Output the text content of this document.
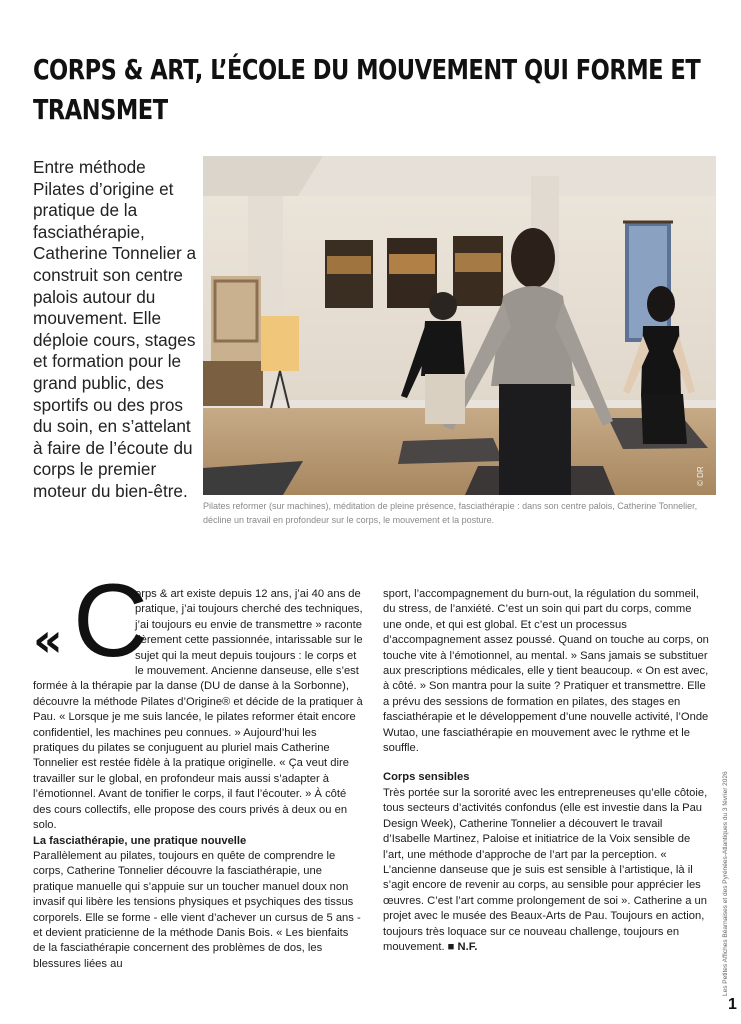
CORPS & ART, L’ÉCOLE DU MOUVEMENT QUI FORME ET TRANSMET

Entre méthode Pilates d’origine et pratique de la fasciathérapie, Catherine Tonnelier a construit son centre palois autour du mouvement. Elle déploie cours, stages et formation pour le grand public, des sportifs ou des pros du soin, en s’attelant à faire de l’écoute du corps le premier moteur du bien-être.

© DR

Pilates reformer (sur machines), méditation de pleine présence, fasciathérapie : dans son centre palois, Catherine Tonnelier, décline un travail en profondeur sur le corps, le mouvement et la posture.

« C

orps & art existe depuis 12 ans, j’ai 40 ans de pratique, j’ai toujours cherché des techniques, j’ai toujours eu envie de transmettre » raconte fièrement cette passionnée, intarissable sur le sujet qui la meut depuis toujours : le corps et le mouvement. Ancienne danseuse, elle s’est formée à la thérapie par la danse (DU de danse à la Sorbonne), découvre la méthode Pilates d’Origine® et décide de la pratiquer à Pau. « Lorsque je me suis lancée, le pilates reformer était encore confidentiel, les machines peu connues. » Aujourd’hui les pratiques du pilates se conjuguent au pluriel mais Catherine Tonnelier est restée fidèle à la pratique originelle. « Ça veut dire travailler sur le global, en profondeur mais aussi s’adapter à l’émotionnel. Avant de tonifier le corps, il faut l’écouter. » À côté des cours collectifs, elle propose des cours privés à deux ou en solo.

La fasciathérapie, une pratique nouvelle

Parallèlement au pilates, toujours en quête de comprendre le corps, Catherine Tonnelier découvre la fasciathérapie, une pratique manuelle qui s’appuie sur un toucher manuel doux non invasif qui libère les tensions physiques et psychiques des tissus corporels. Elle se forme - elle vient d’achever un cursus de 5 ans - et devient praticienne de la méthode Danis Bois. « Les bienfaits de la fasciathérapie concernent des problèmes de dos, les blessures liées au

sport, l’accompagnement du burn-out, la régulation du sommeil, du stress, de l’anxiété. C’est un soin qui part du corps, comme une onde, et qui est global. Et c’est un processus d’accompagnement assez poussé. Quand on touche au corps, on touche vite à l’émotionnel, au mental. » Sans jamais se substituer aux prescriptions médicales, elle y tient beaucoup. « On est avec, à côté. » Son mantra pour la suite ? Pratiquer et transmettre. Elle a prévu des sessions de formation en pilates, des stages en fasciathérapie et le développement d’une nouvelle activité, l’Onde Wutao, une fasciathérapie en mouvement avec le rythme et le souffle.

Corps sensibles

Très portée sur la sororité avec les entrepreneuses qu’elle côtoie, tous secteurs d’activités confondus (elle est investie dans la Pau Design Week), Catherine Tonnelier a découvert le travail d’Isabelle Martinez, Paloise et initiatrice de la Voix sensible de l’art, une méthode d’approche de l’art par la perception. « L’ancienne danseuse que je suis est sensible à l’artistique, là il s’agit encore de revenir au corps, au sensible pour apprécier les œuvres. C’est l’art comme prolongement de soi ». Catherine a un projet avec le musée des Beaux-Arts de Pau. Toujours en action, toujours très loquace sur ce nouveau challenge, toujours en mouvement. ■ N.F.	Les Petites Affiches Béarnaises et des Pyrénées-Atlantiques du 3 février 2026
1
